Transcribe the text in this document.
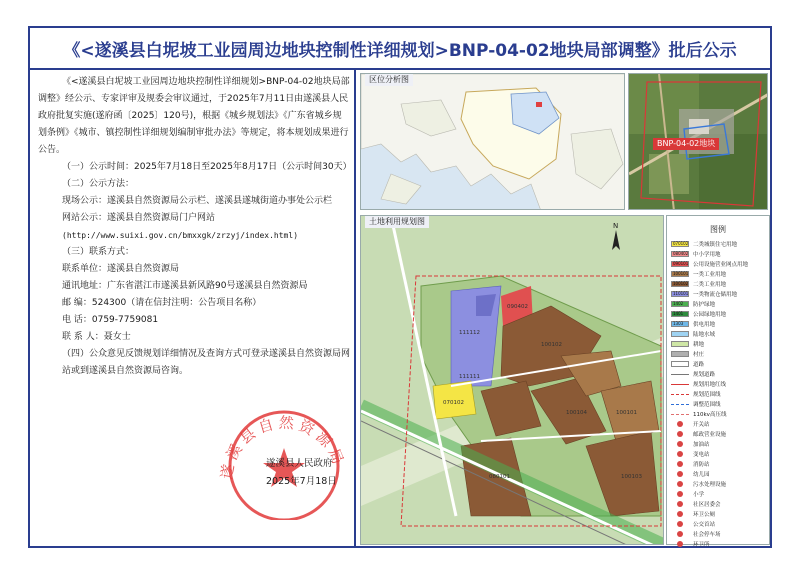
《<遂溪县白坭坡工业园周边地块控制性详细规划>BNP-04-02地块局部调整》批后公示

《<遂溪县白坭坡工业园周边地块控制性详细规划>BNP-04-02地块局部调整》经公示、专家评审及规委会审议通过，于2025年7月11日由遂溪县人民政府批复实施(遂府函〔2025〕120号)，根据《城乡规划法》《广东省城乡规划条例》《城市、镇控制性详细规划编制审批办法》等规定，将本规划成果进行公告。

（一）公示时间：2025年7月18日至2025年8月17日（公示时间30天）

（二）公示方法：

现场公示：遂溪县自然资源局公示栏、遂溪县遂城街道办事处公示栏

网站公示：遂溪县自然资源局门户网站

(http://www.suixi.gov.cn/bmxxgk/zrzyj/index.html)

（三）联系方式：

联系单位：遂溪县自然资源局

通讯地址：广东省湛江市遂溪县新风路90号遂溪县自然资源局

邮 编：524300（请在信封注明：公告项目名称）

电 话：0759-7759081

联 系 人：聂女士

（四）公众意见反馈规划详细情况及查询方式可登录遂溪县自然资源局网站或到遂溪县自然资源局咨询。

遂溪县自然资源局
遂溪县人民政府
2025年7月18日
区位分析图
BNP-04-02地块
N
111112
070102
090402
100102
100101
100103
100104
111111
080101
土地利用规划图
图例
070102 二类城镇住宅用地
080402 中小学用地
090101 公用设施营业网点用地
100101 一类工业用地
100102 二类工业用地
110101 一类物流仓储用地
1402 防护绿地
1401 公园绿地用地
1303 供电用地
陆地水域
耕地
村庄
道路
规划道路
规划用地红线
规划范围线
调整范围线
110kv高压线
开关站
邮政营业设施
加油站
变电站
消防站
幼儿园
污水处理设施
小学
社区居委会
环卫公厕
公交首站
社会停车场
环卫所
